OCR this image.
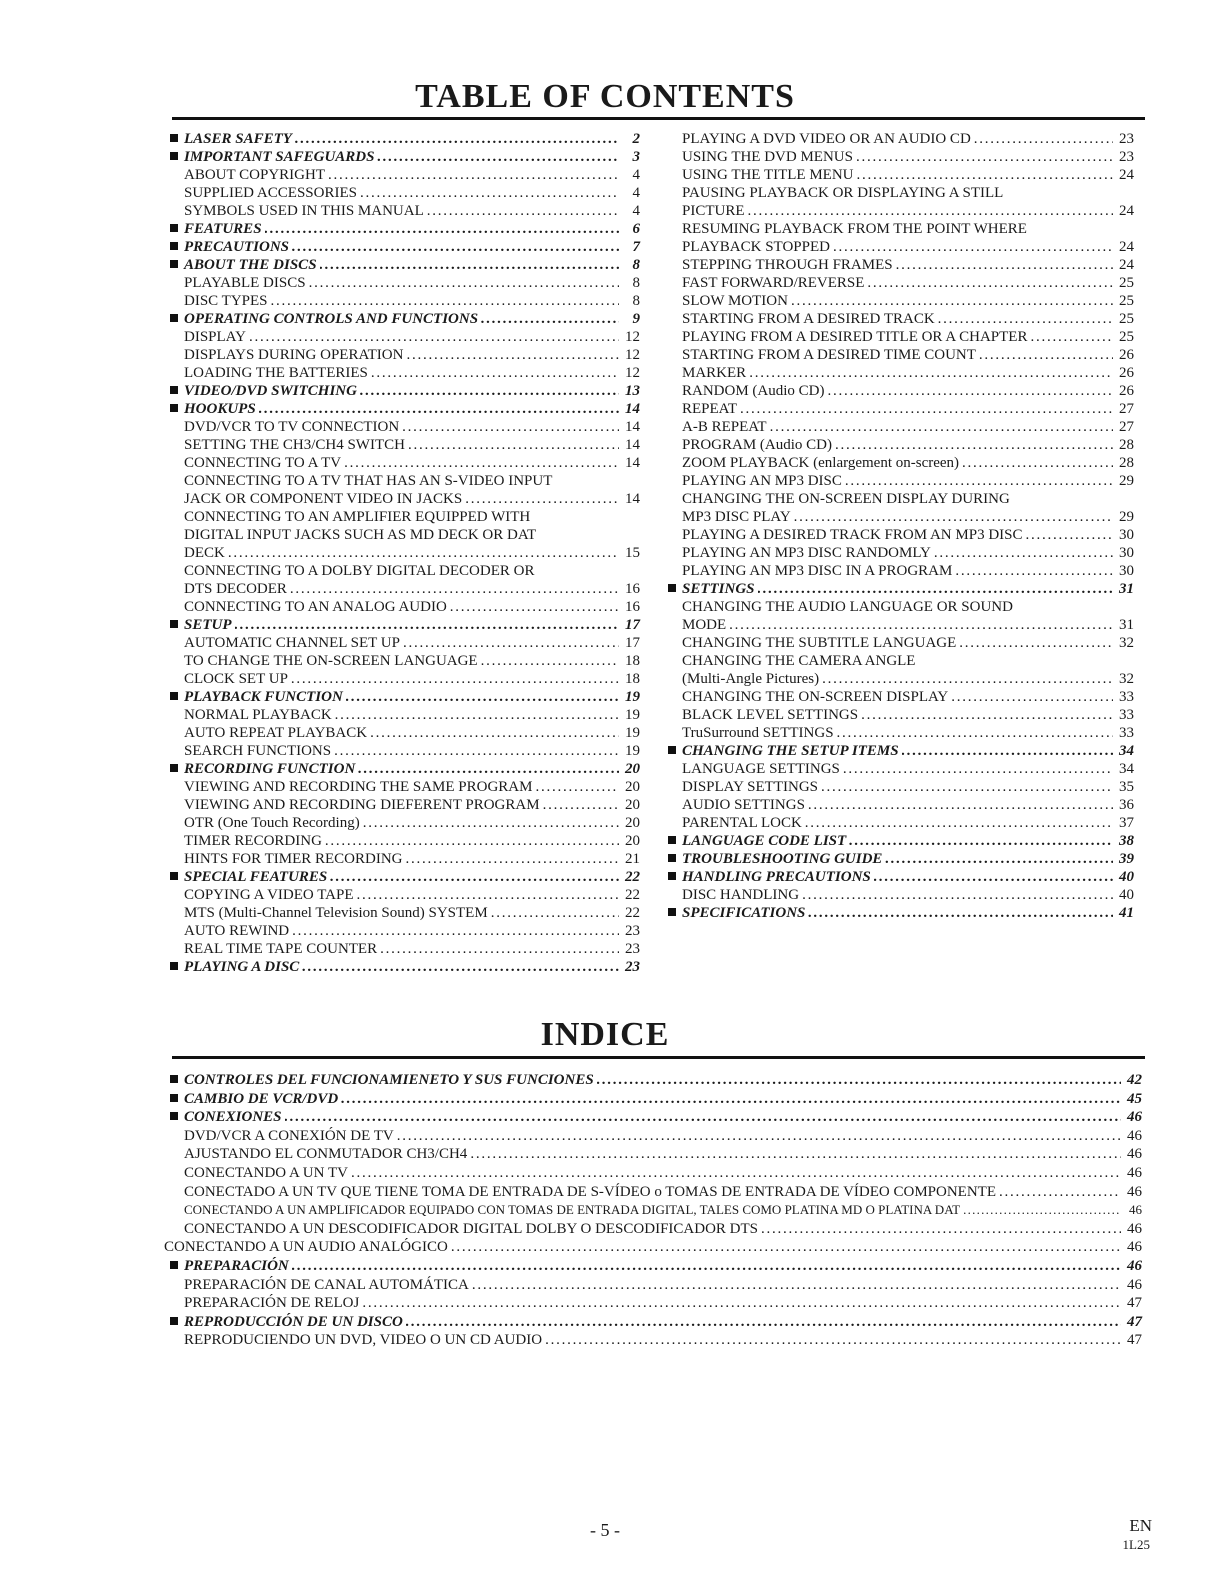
TABLE OF CONTENTS
LASER SAFETY . . .	2
IMPORTANT SAFEGUARDS . . .	3
ABOUT COPYRIGHT . . .	4
SUPPLIED ACCESSORIES . . .	4
SYMBOLS USED IN THIS MANUAL . . .	4
FEATURES . . .	6
PRECAUTIONS . . .	7
ABOUT THE DISCS . . .	8
PLAYABLE DISCS . . .	8
DISC TYPES . . .	8
OPERATING CONTROLS AND FUNCTIONS . . .	9
DISPLAY . . .	12
DISPLAYS DURING OPERATION . . .	12
LOADING THE BATTERIES . . .	12
VIDEO/DVD SWITCHING . . .	13
HOOKUPS . . .	14
DVD/VCR TO TV CONNECTION . . .	14
SETTING THE CH3/CH4 SWITCH . . .	14
CONNECTING TO A TV . . .	14
CONNECTING TO A TV THAT HAS AN S-VIDEO INPUT
JACK OR COMPONENT VIDEO IN JACKS . . .	14
CONNECTING TO AN AMPLIFIER EQUIPPED WITH
DIGITAL INPUT JACKS SUCH AS MD DECK OR DAT
DECK . . .	15
CONNECTING TO A DOLBY DIGITAL DECODER OR
DTS DECODER . . .	16
CONNECTING TO AN ANALOG AUDIO . . .	16
SETUP . . .	17
AUTOMATIC CHANNEL SET UP . . .	17
TO CHANGE THE ON-SCREEN LANGUAGE . . .	18
CLOCK SET UP . . .	18
PLAYBACK FUNCTION . . .	19
NORMAL PLAYBACK . . .	19
AUTO REPEAT PLAYBACK . . .	19
SEARCH FUNCTIONS . . .	19
RECORDING FUNCTION . . .	20
VIEWING AND RECORDING THE SAME PROGRAM . . .	20
VIEWING AND RECORDING DIEFERENT PROGRAM . . .	20
OTR (One Touch Recording) . . .	20
TIMER RECORDING . . .	20
HINTS FOR TIMER RECORDING . . .	21
SPECIAL FEATURES . . .	22
COPYING A VIDEO TAPE . . .	22
MTS (Multi-Channel Television Sound) SYSTEM . . .	22
AUTO REWIND . . .	23
REAL TIME TAPE COUNTER . . .	23
PLAYING A DISC . . .	23
PLAYING A DVD VIDEO OR AN AUDIO CD . . .	23
USING THE DVD MENUS . . .	23
USING THE TITLE MENU . . .	24
PAUSING PLAYBACK OR DISPLAYING A STILL
PICTURE . . .	24
RESUMING PLAYBACK FROM THE POINT WHERE
PLAYBACK STOPPED . . .	24
STEPPING THROUGH FRAMES . . .	24
FAST FORWARD/REVERSE . . .	25
SLOW MOTION . . .	25
STARTING FROM A DESIRED TRACK . . .	25
PLAYING FROM A DESIRED TITLE OR A CHAPTER . . .	25
STARTING FROM A DESIRED TIME COUNT . . .	26
MARKER . . .	26
RANDOM (Audio CD) . . .	26
REPEAT . . .	27
A-B REPEAT . . .	27
PROGRAM (Audio CD) . . .	28
ZOOM PLAYBACK (enlargement on-screen) . . .	28
PLAYING AN MP3 DISC . . .	29
CHANGING THE ON-SCREEN DISPLAY DURING
MP3 DISC PLAY . . .	29
PLAYING A DESIRED TRACK FROM AN MP3 DISC . . .	30
PLAYING AN MP3 DISC RANDOMLY . . .	30
PLAYING AN MP3 DISC IN A PROGRAM . . .	30
SETTINGS . . .	31
CHANGING THE AUDIO LANGUAGE OR SOUND
MODE . . .	31
CHANGING THE SUBTITLE LANGUAGE . . .	32
CHANGING THE CAMERA ANGLE
(Multi-Angle Pictures) . . .	32
CHANGING THE ON-SCREEN DISPLAY . . .	33
BLACK LEVEL SETTINGS . . .	33
TruSurround SETTINGS . . .	33
CHANGING THE SETUP ITEMS . . .	34
LANGUAGE SETTINGS . . .	34
DISPLAY SETTINGS . . .	35
AUDIO SETTINGS . . .	36
PARENTAL LOCK . . .	37
LANGUAGE CODE LIST . . .	38
TROUBLESHOOTING GUIDE . . .	39
HANDLING PRECAUTIONS . . .	40
DISC HANDLING . . .	40
SPECIFICATIONS . . .	41
INDICE
CONTROLES DEL FUNCIONAMIENETO Y SUS FUNCIONES . . .	42
CAMBIO DE VCR/DVD . . .	45
CONEXIONES . . .	46
DVD/VCR A CONEXIÓN DE TV . . .	46
AJUSTANDO EL CONMUTADOR CH3/CH4 . . .	46
CONECTANDO A UN TV . . .	46
CONECTADO A UN TV QUE TIENE TOMA DE ENTRADA DE S-VÍDEO o TOMAS DE ENTRADA DE VÍDEO COMPONENTE . . .	46
CONECTANDO A UN AMPLIFICADOR EQUIPADO CON TOMAS DE ENTRADA DIGITAL, TALES COMO PLATINA MD O PLATINA DAT . . .	46
CONECTANDO A UN DESCODIFICADOR DIGITAL DOLBY O DESCODIFICADOR DTS . . .	46
CONECTANDO A UN AUDIO ANALÓGICO . . .	46
PREPARACIÓN . . .	46
PREPARACIÓN DE CANAL AUTOMÁTICA . . .	46
PREPARACIÓN DE RELOJ . . .	47
REPRODUCCIÓN DE UN DISCO . . .	47
REPRODUCIENDO UN DVD, VIDEO O UN CD AUDIO . . .	47
- 5 -	EN
1L25
